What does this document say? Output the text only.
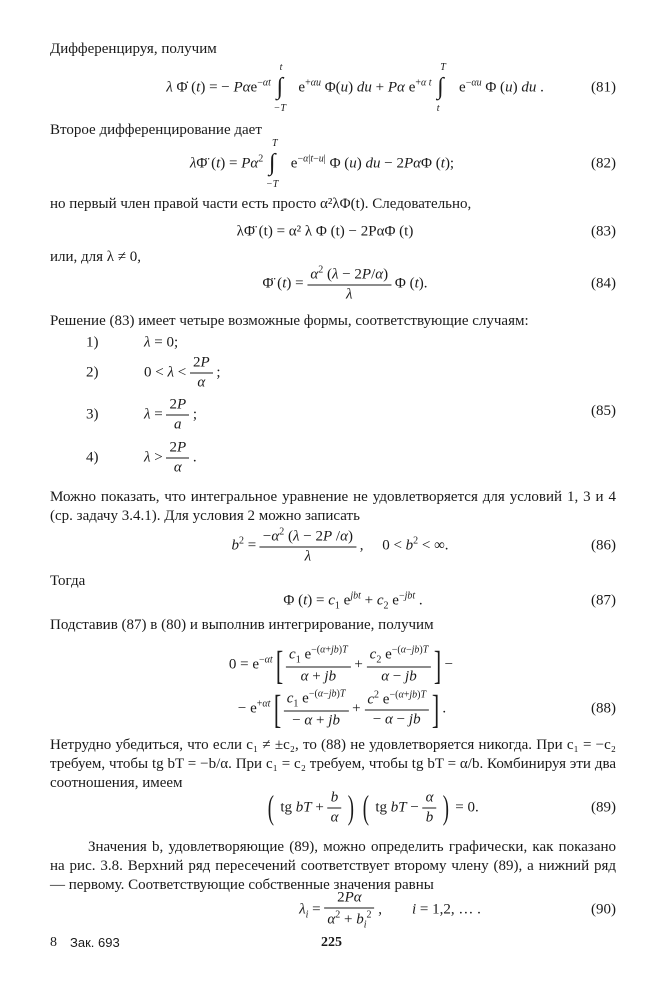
Дифференцируя, получим

λ Φ̇ (t) = − Pαe$^{-\alpha t}$
t
∫
−T
$e^{+\alpha u}$ Φ(u) du + Pα $e^{+\alpha t}$
T
∫
t
$e^{-\alpha u}$ Φ (u) du .	(81)

Второе дифференцирование дает

λΦ̈ $(t) = P\alpha^2$
T
∫
−T
$e^{-\alpha|t-u|}$ Φ (u) du − 2PαΦ (t);	(82)

но первый член правой части есть просто α²λΦ(t). Следовательно,

λΦ̈ (t) = α² λ Φ (t) − 2PαΦ (t)	(83)

или, для λ ≠ 0,

Φ̈ $(t) = \frac{\alpha^2 (\lambda - 2P/\alpha)}{\lambda}$ Φ (t).	(84)

Решение (83) имеет четыре возможные формы, соответствующие случаям:

1)	λ = 0;
2)	$0 < \lambda < \frac{2P}{\alpha}$ ;
3)	$\lambda = \frac{2P}{a}$ ;
4)	$\lambda > \frac{2P}{\alpha}$ .
(85)

Можно показать, что интегральное уравнение не удовлетворяется для условий 1, 3 и 4 (ср. задачу 3.4.1). Для условия 2 можно записать

$b^2 = \frac{-\alpha^2 (\lambda - 2P /\alpha)}{\lambda}$ ,     $0 < b^2$ < ∞.	(86)

Тогда

Φ $(t) = c_1$ $e^{jbt} + c_2$ $e^{-jbt}$ .	(87)

Подставив (87) в (80) и выполнив интегрирование, получим

$0 = e^{-\alpha t}[ \frac{c_1 e^{-(\alpha+jb)T}}{\alpha + jb} + \frac{c_2 e^{-(\alpha-jb)T}}{\alpha - jb}$ ] −
− $e^{+\alpha t}[ \frac{c_1 e^{-(\alpha-jb)T}}{- \alpha + jb} + \frac{c^2 e^{-(\alpha+jb)T}}{- \alpha - jb}$ ] .	(88)

Нетрудно убедиться, что если c₁ ≠ ±c₂, то (88) не удовлетворяется никогда. При c₁ = −c₂ требуем, чтобы tg bT = −b/α. При c₁ = c₂ требуем, чтобы tg bT = α/b. Комбинируя эти два соотношения, имеем

( tg bT + $\frac{b}{\alpha}$ ) ( tg bT − $\frac{\alpha}{b}$ ) = 0.	(89)

Значения b, удовлетворяющие (89), можно определить графически, как показано на рис. 3.8. Верхний ряд пересечений соответствует второму члену (89), а нижний ряд — первому. Соответствующие собственные значения равны

$\lambda_i = \frac{2P\alpha}{\alpha^2 + b_i^2}$ ,        i = 1,2, … .	(90)
8 Зак. 693	225
